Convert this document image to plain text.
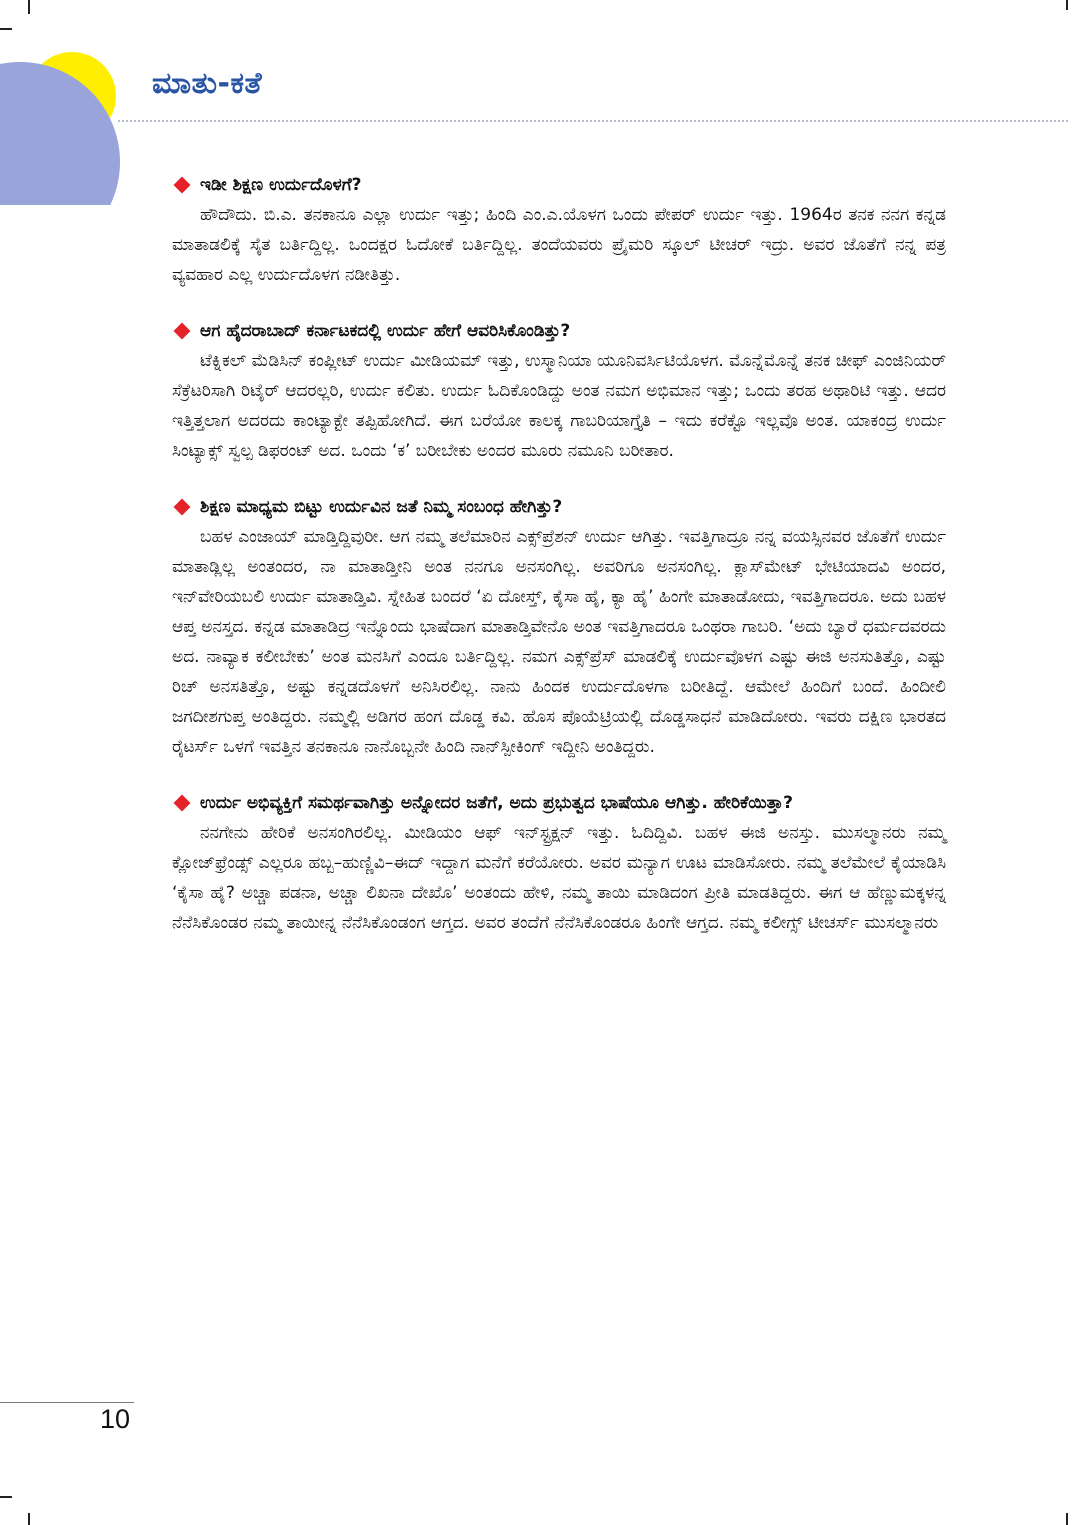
ಮಾತು-ಕತೆ

ಇಡೀ ಶಿಕ್ಷಣ ಉರ್ದುದೊಳಗೆ?

ಹೌದೌದು. ಬಿ.ಎ. ತನಕಾನೂ ಎಲ್ಲಾ ಉರ್ದು ಇತ್ತು; ಹಿಂದಿ ಎಂ.ಎ.ಯೊಳಗ ಒಂದು ಪೇಪರ್ ಉರ್ದು ಇತ್ತು. 1964ರ ತನಕ ನನಗ ಕನ್ನಡ ಮಾತಾಡಲಿಕ್ಕೆ ಸೈತ ಬರ್ತಿದ್ದಿಲ್ಲ. ಒಂದಕ್ಷರ ಓದೋಕೆ ಬರ್ತಿದ್ದಿಲ್ಲ. ತಂದೆಯವರು ಪ್ರೈಮರಿ ಸ್ಕೂಲ್ ಟೀಚರ್ ಇದ್ರು. ಅವರ ಜೊತೆಗೆ ನನ್ನ ಪತ್ರ ವ್ಯವಹಾರ ಎಲ್ಲ ಉರ್ದುದೊಳಗ ನಡೀತಿತ್ತು.

ಆಗ ಹೈದರಾಬಾದ್ ಕರ್ನಾಟಕದಲ್ಲಿ ಉರ್ದು ಹೇಗೆ ಆವರಿಸಿಕೊಂಡಿತ್ತು?

ಟೆಕ್ನಿಕಲ್ ಮೆಡಿಸಿನ್ ಕಂಪ್ಲೀಟ್ ಉರ್ದು ಮೀಡಿಯಮ್ ಇತ್ತು, ಉಸ್ಮಾನಿಯಾ ಯೂನಿವರ್ಸಿಟಿಯೊಳಗ. ಮೊನ್ನೆಮೊನ್ನೆ ತನಕ ಚೀಫ್ ಎಂಜಿನಿಯರ್ ಸೆಕ್ರೆಟರಿಸಾಗಿ ರಿಟೈರ್ ಆದರಲ್ಲರಿ, ಉರ್ದು ಕಲಿತು. ಉರ್ದು ಓದಿಕೊಂಡಿದ್ದು ಅಂತ ನಮಗ ಅಭಿಮಾನ ಇತ್ತು; ಒಂದು ತರಹ ಅಥಾರಿಟಿ ಇತ್ತು. ಆದರ ಇತ್ತಿತ್ತಲಾಗ ಅದರದು ಕಾಂಟ್ಯಾಕ್ಟೇ ತಪ್ಪಿಹೋಗಿದೆ. ಈಗ ಬರೆಯೋ ಕಾಲಕ್ಕ ಗಾಬರಿಯಾಗ್ತೈತಿ – ಇದು ಕರೆಕ್ಟೊ ಇಲ್ಲವೊ ಅಂತ. ಯಾಕಂದ್ರ ಉರ್ದು ಸಿಂಟ್ಯಾಕ್ಸ್ ಸ್ವಲ್ಪ ಡಿಫರಂಟ್ ಅದ. ಒಂದು ‘ಕ’ ಬರೀಬೇಕು ಅಂದರ ಮೂರು ನಮೂನಿ ಬರೀತಾರ.

ಶಿಕ್ಷಣ ಮಾಧ್ಯಮ ಬಿಟ್ಟು ಉರ್ದುವಿನ ಜತೆ ನಿಮ್ಮ ಸಂಬಂಧ ಹೇಗಿತ್ತು?

ಬಹಳ ಎಂಜಾಯ್ ಮಾಡ್ತಿದ್ದಿವುರೀ. ಆಗ ನಮ್ಮ ತಲೆಮಾರಿನ ಎಕ್ಸ್‌ಪ್ರೆಶನ್ ಉರ್ದು ಆಗಿತ್ತು. ಇವತ್ತಿಗಾದ್ರೂ ನನ್ನ ವಯಸ್ಸಿನವರ ಜೊತೆಗೆ ಉರ್ದು ಮಾತಾಡ್ಲಿಲ್ಲ ಅಂತಂದರ, ನಾ ಮಾತಾಡ್ತೀನಿ ಅಂತ ನನಗೂ ಅನಸಂಗಿಲ್ಲ. ಅವರಿಗೂ ಅನಸಂಗಿಲ್ಲ. ಕ್ಲಾಸ್‌ಮೇಟ್ ಭೇಟಿಯಾದವಿ ಅಂದರ, ಇನ್‌ವೇರಿಯಬಲಿ ಉರ್ದು ಮಾತಾಡ್ತಿವಿ. ಸ್ನೇಹಿತ ಬಂದರೆ ‘ಏ ದೋಸ್ತ್, ಕೈಸಾ ಹೈ, ಕ್ಯಾ ಹೈ’ ಹಿಂಗೇ ಮಾತಾಡೋದು, ಇವತ್ತಿಗಾದರೂ. ಅದು ಬಹಳ ಆಪ್ತ ಅನಸ್ತದ. ಕನ್ನಡ ಮಾತಾಡಿದ್ರ ಇನ್ನೊಂದು ಭಾಷೆದಾಗ ಮಾತಾಡ್ತಿವೇನೊ ಅಂತ ಇವತ್ತಿಗಾದರೂ ಒಂಥರಾ ಗಾಬರಿ. ‘ಅದು ಬ್ಯಾರೆ ಧರ್ಮದವರದು ಅದ. ನಾವ್ಯಾಕ ಕಲೀಬೇಕು’ ಅಂತ ಮನಸಿಗೆ ಎಂದೂ ಬರ್ತಿದ್ದಿಲ್ಲ. ನಮಗ ಎಕ್ಸ್‌ಪ್ರೆಸ್ ಮಾಡಲಿಕ್ಕೆ ಉರ್ದುವೊಳಗ ಎಷ್ಟು ಈಜಿ ಅನಸುತಿತ್ತೊ, ಎಷ್ಟು ರಿಚ್ ಅನಸತಿತ್ತೊ, ಅಷ್ಟು ಕನ್ನಡದೊಳಗೆ ಅನಿಸಿರಲಿಲ್ಲ. ನಾನು ಹಿಂದಕ ಉರ್ದುದೊಳಗಾ ಬರೀತಿದ್ದೆ. ಆಮೇಲೆ ಹಿಂದಿಗೆ ಬಂದೆ. ಹಿಂದೀಲಿ ಜಗದೀಶಗುಪ್ತ ಅಂತಿದ್ದರು. ನಮ್ಮಲ್ಲಿ ಅಡಿಗರ ಹಂಗ ದೊಡ್ಡ ಕವಿ. ಹೊಸ ಪೊಯೆಟ್ರಿಯಲ್ಲಿ ದೊಡ್ಡಸಾಧನೆ ಮಾಡಿದೋರು. ಇವರು ದಕ್ಷಿಣ ಭಾರತದ ರೈಟರ್ಸ್ ಒಳಗೆ ಇವತ್ತಿನ ತನಕಾನೂ ನಾನೊಬ್ಬನೇ ಹಿಂದಿ ನಾನ್‌ಸ್ಪೀಕಿಂಗ್ ಇದ್ದೀನಿ ಅಂತಿದ್ದರು.

ಉರ್ದು ಅಭಿವ್ಯಕ್ತಿಗೆ ಸಮರ್ಥವಾಗಿತ್ತು ಅನ್ನೋದರ ಜತೆಗೆ, ಅದು ಪ್ರಭುತ್ವದ ಭಾಷೆಯೂ ಆಗಿತ್ತು. ಹೇರಿಕೆಯಿತ್ತಾ?

ನನಗೇನು ಹೇರಿಕೆ ಅನಸಂಗಿರಲಿಲ್ಲ. ಮೀಡಿಯಂ ಆಫ್ ಇನ್‌ಸ್ಟ್ರಕ್ಷನ್ ಇತ್ತು. ಓದಿದ್ದಿವಿ. ಬಹಳ ಈಜಿ ಅನಸ್ತು. ಮುಸಲ್ಮಾನರು ನಮ್ಮ ಕ್ಲೋಜ್‌ಫ್ರೆಂಡ್ಸ್ ಎಲ್ಲರೂ ಹಬ್ಬ–ಹುಣ್ಣಿವಿ–ಈದ್ ಇದ್ದಾಗ ಮನೆಗೆ ಕರೆಯೋರು. ಅವರ ಮನ್ಯಾಗ ಊಟ ಮಾಡಿಸೋರು. ನಮ್ಮ ತಲೆಮೇಲೆ ಕೈಯಾಡಿಸಿ ‘ಕೈಸಾ ಹೈ? ಅಚ್ಚಾ ಪಡನಾ, ಅಚ್ಚಾ ಲಿಖನಾ ದೇಖೊ’ ಅಂತಂದು ಹೇಳಿ, ನಮ್ಮ ತಾಯಿ ಮಾಡಿದಂಗ ಪ್ರೀತಿ ಮಾಡತಿದ್ದರು. ಈಗ ಆ ಹೆಣ್ಣುಮಕ್ಕಳನ್ನ ನೆನೆಸಿಕೊಂಡರ ನಮ್ಮ ತಾಯೀನ್ನ ನೆನೆಸಿಕೊಂಡಂಗ ಆಗ್ತದ. ಅವರ ತಂದೆಗೆ ನೆನೆಸಿಕೊಂಡರೂ ಹಿಂಗೇ ಆಗ್ತದ. ನಮ್ಮ ಕಲೀಗ್ಸ್ ಟೀಚರ್ಸ್ ಮುಸಲ್ಮಾನರು

10
